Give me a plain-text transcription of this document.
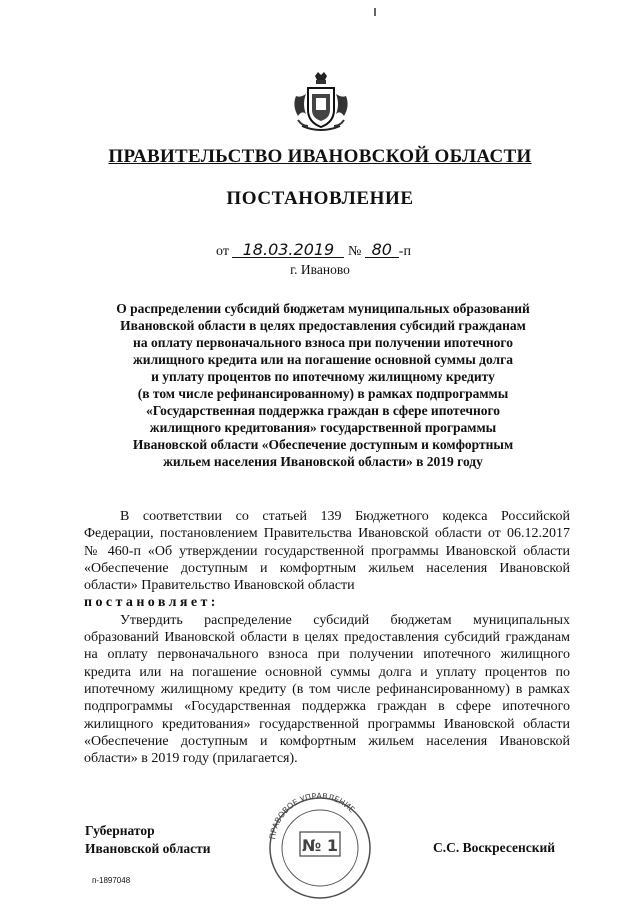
ПРАВИТЕЛЬСТВО ИВАНОВСКОЙ ОБЛАСТИ
ПОСТАНОВЛЕНИЕ
от 18.03.2019 № 80 -п
г. Иваново
О распределении субсидий бюджетам муниципальных образований
Ивановской области в целях предоставления субсидий гражданам
на оплату первоначального взноса при получении ипотечного
жилищного кредита или на погашение основной суммы долга
и уплату процентов по ипотечному жилищному кредиту
(в том числе рефинансированному) в рамках подпрограммы
«Государственная поддержка граждан в сфере ипотечного
жилищного кредитования» государственной программы
Ивановской области «Обеспечение доступным и комфортным
жильем населения Ивановской области» в 2019 году

В соответствии со статьей 139 Бюджетного кодекса Российской Федерации, постановлением Правительства Ивановской области от 06.12.2017 № 460-п «Об утверждении государственной программы Ивановской области «Обеспечение доступным и комфортным жильем населения Ивановской области» Правительство Ивановской области
постановляет:

Утвердить распределение субсидий бюджетам муниципальных образований Ивановской области в целях предоставления субсидий гражданам на оплату первоначального взноса при получении ипотечного жилищного кредита или на погашение основной суммы долга и уплату процентов по ипотечному жилищному кредиту (в том числе рефинансированному) в рамках подпрограммы «Государственная поддержка граждан в сфере ипотечного жилищного кредитования» государственной программы Ивановской области «Обеспечение доступным и комфортным жильем населения Ивановской области» в 2019 году (прилагается).

ПРАВОВОЕ УПРАВЛЕНИЕ
№ 1
Губернатор
Ивановской области	С.С. Воскресенский
п-1897048
